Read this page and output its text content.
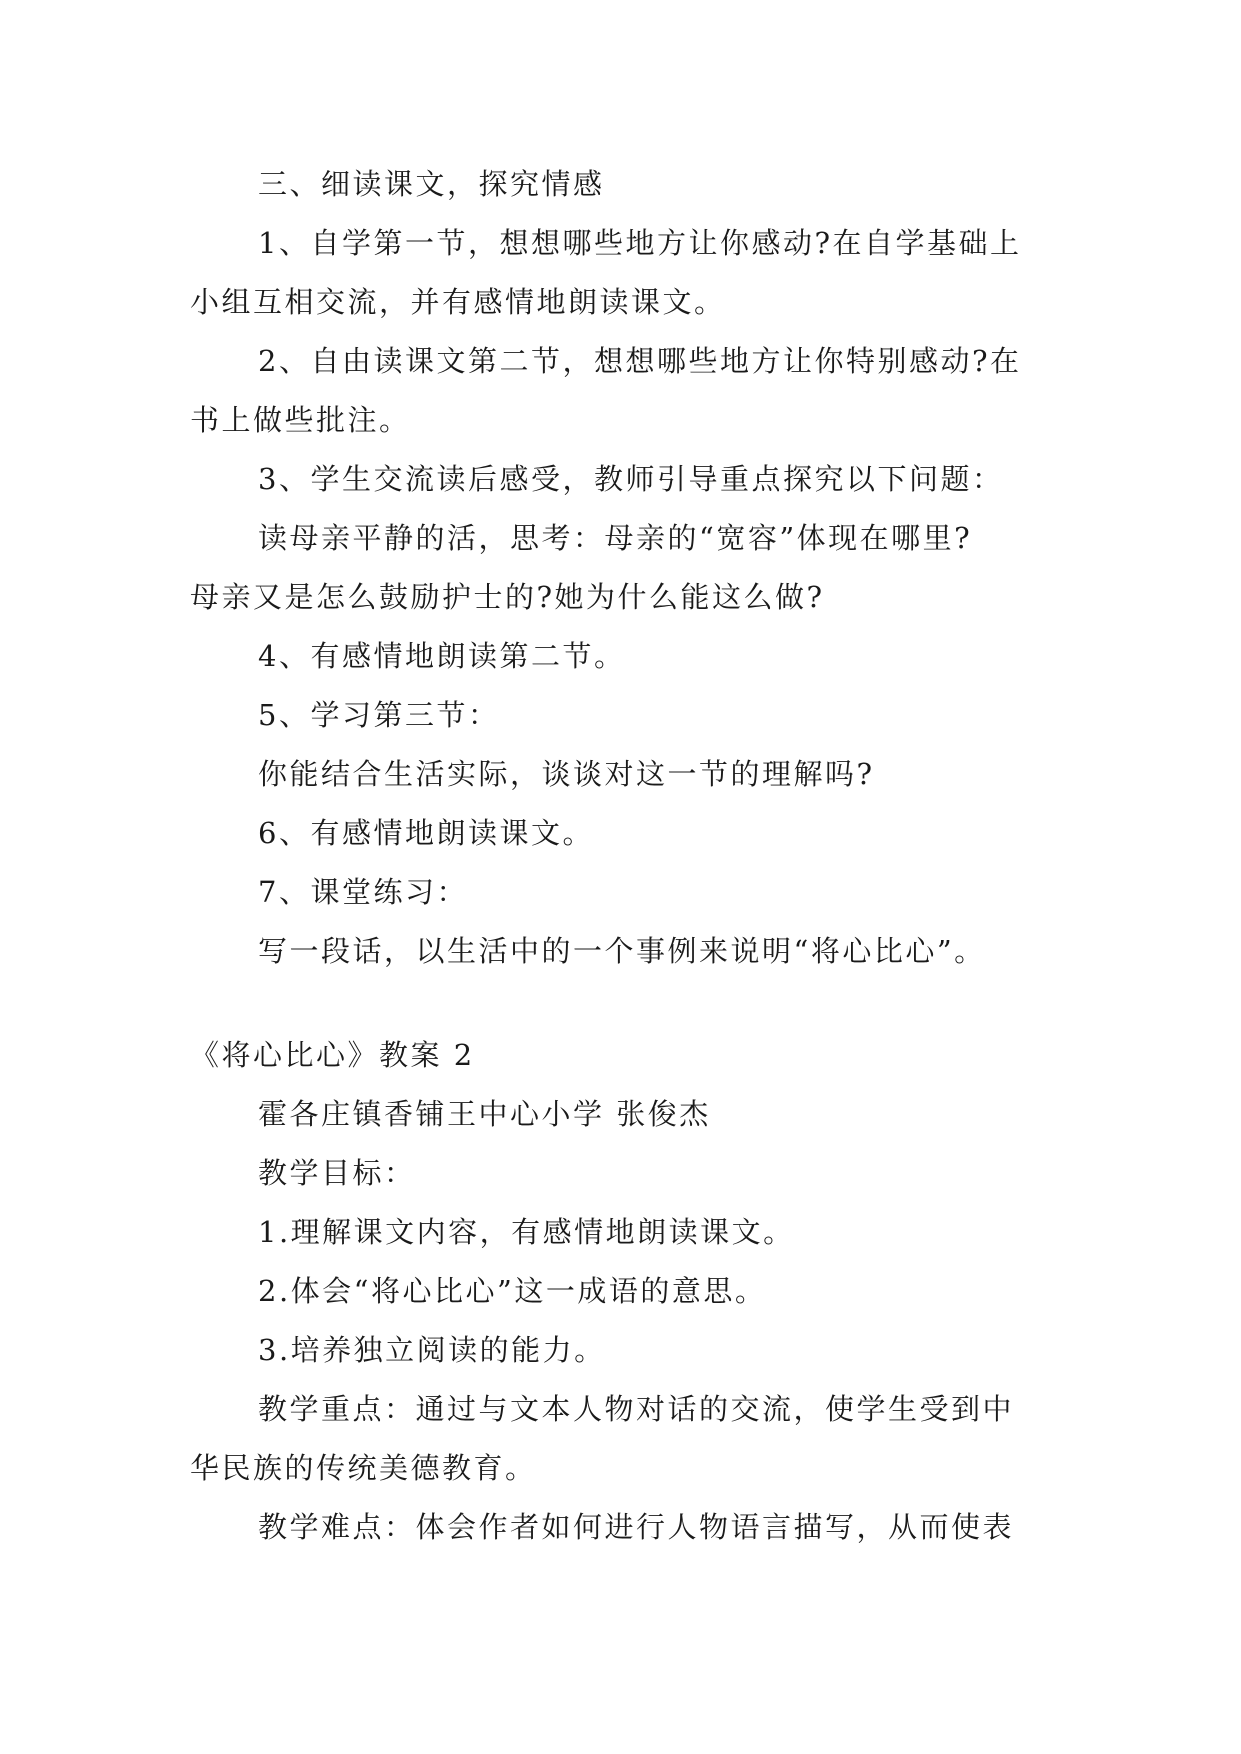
三、细读课文，探究情感
1、自学第一节，想想哪些地方让你感动?在自学基础上
小组互相交流，并有感情地朗读课文。
2、自由读课文第二节，想想哪些地方让你特别感动?在
书上做些批注。
3、学生交流读后感受，教师引导重点探究以下问题：
读母亲平静的活，思考：母亲的“宽容”体现在哪里?
母亲又是怎么鼓励护士的?她为什么能这么做?
4、有感情地朗读第二节。
5、学习第三节：
你能结合生活实际，谈谈对这一节的理解吗?
6、有感情地朗读课文。
7、课堂练习：
写一段话，以生活中的一个事例来说明“将心比心”。
《将心比心》教案 2
霍各庄镇香铺王中心小学 张俊杰
教学目标：
1.理解课文内容，有感情地朗读课文。
2.体会“将心比心”这一成语的意思。
3.培养独立阅读的能力。
教学重点：通过与文本人物对话的交流，使学生受到中
华民族的传统美德教育。
教学难点：体会作者如何进行人物语言描写，从而使表
